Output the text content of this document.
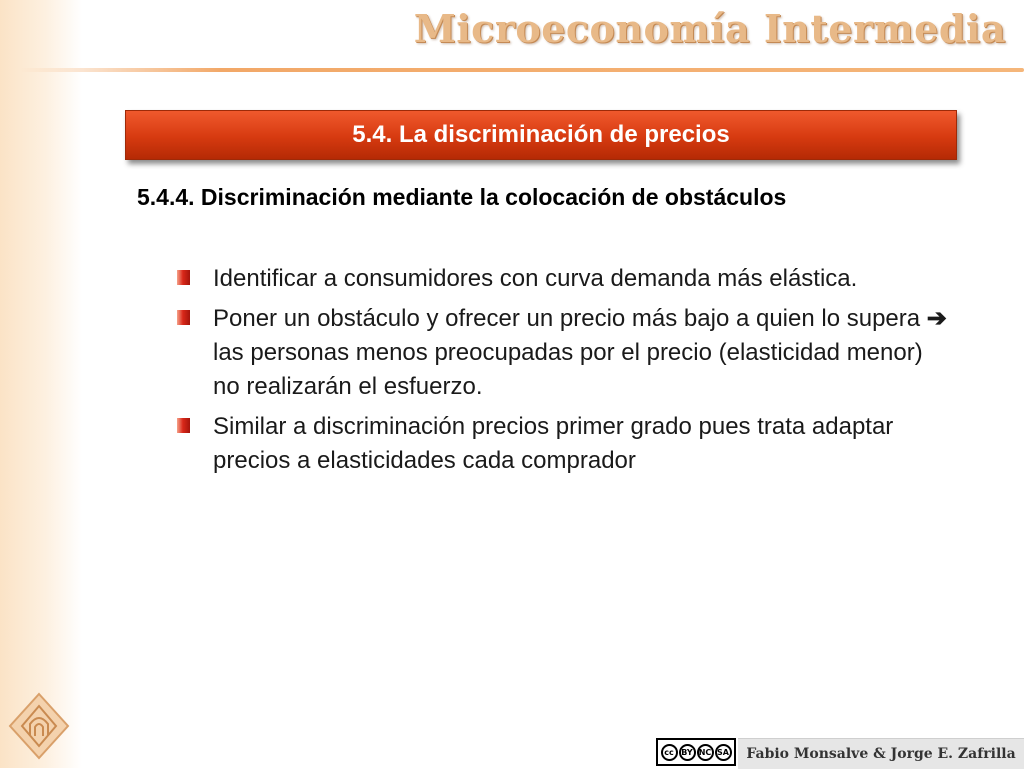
Microeconomía Intermedia
5.4. La discriminación de precios
5.4.4. Discriminación mediante la colocación de obstáculos
Identificar a consumidores con curva demanda más elástica.
Poner un obstáculo y ofrecer un precio más bajo a quien lo supera ➔ las personas menos preocupadas por el precio (elasticidad menor) no realizarán el esfuerzo.
Similar a discriminación precios primer grado pues trata adaptar precios a elasticidades cada comprador
cc BY NC SA	Fabio Monsalve & Jorge E. Zafrilla
